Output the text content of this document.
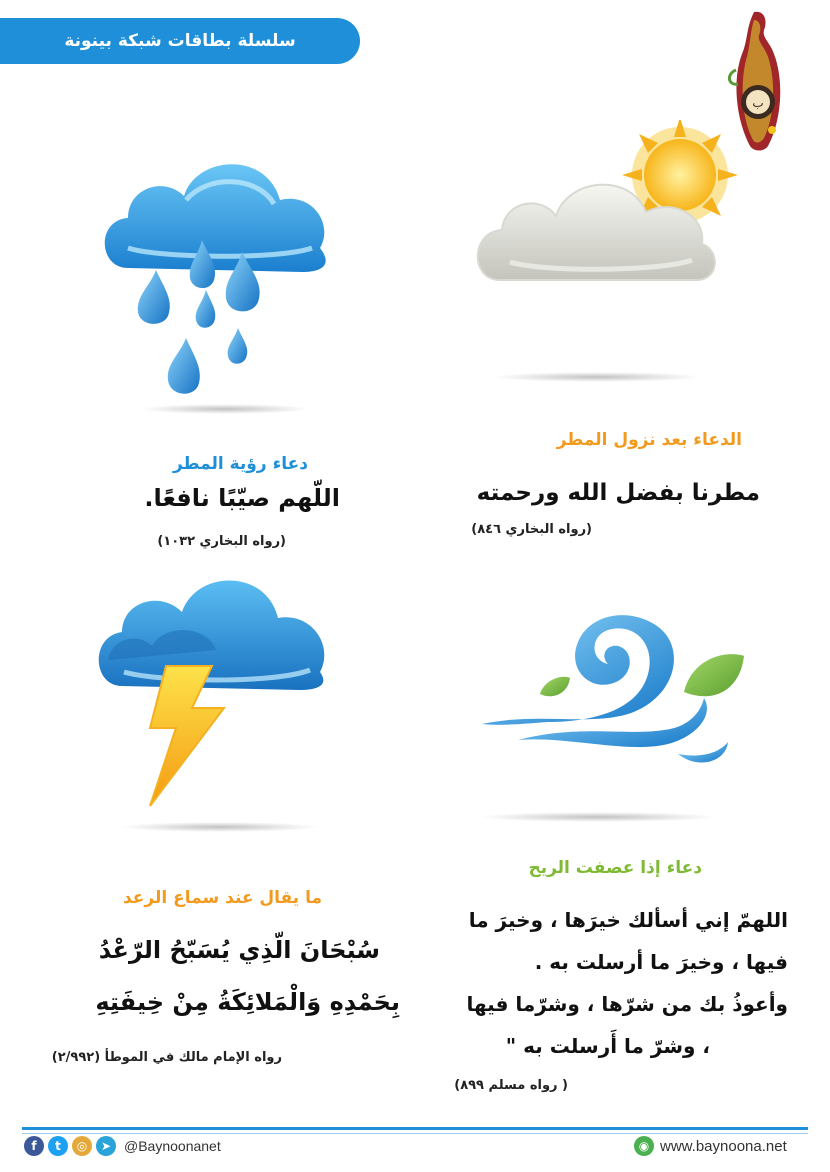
سلسلة بطاقات شبكة بينونة
ب
الدعاء بعد نزول المطر
دعاء رؤية المطر
مطرنا بفضل الله ورحمته
(رواه البخاري ٨٤٦)
اللّهم صيّبًا نافعًا.
(رواه البخاري ١٠٣٢)
دعاء إذا عصفت الريح
ما يقال عند سماع الرعد
اللهمّ إني أسألك خيرَها ، وخيرَ ما
فيها ، وخيرَ ما أرسلت به .
وأعوذُ بك من شرّها ، وشرّما فيها
، وشرّ ما أَرسلت به "
( رواه مسلم ٨٩٩)
سُبْحَانَ الّذِي يُسَبّحُ الرّعْدُ
بِحَمْدِهِ وَالْمَلائِكَةُ مِنْ خِيفَتِهِ
رواه الإمام مالك في الموطأ (٢/٩٩٢)
f	t	◎	➤ @Baynoonanet	◉ www.baynoona.net
